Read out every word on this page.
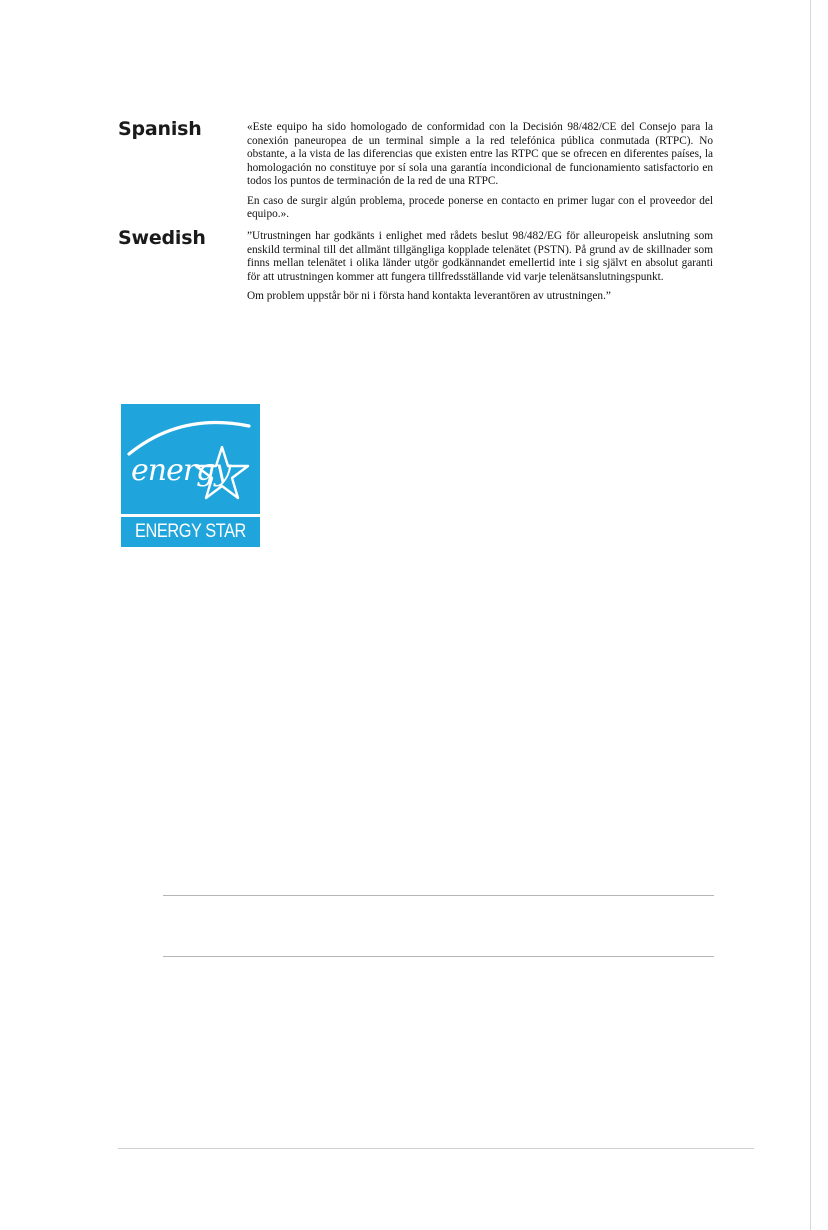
Spanish	«Este equipo ha sido homologado de conformidad con la Decisión 98/482/CE del Consejo para la conexión paneuropea de un terminal simple a la red telefónica pública conmutada (RTPC). No obstante, a la vista de las diferencias que existen entre las RTPC que se ofrecen en diferentes países, la homologación no constituye por sí sola una garantía incondicional de funcionamiento satisfactorio en todos los puntos de terminación de la red de una RTPC.

En caso de surgir algún problema, procede ponerse en contacto en primer lugar con el proveedor del equipo.».

Swedish	”Utrustningen har godkänts i enlighet med rådets beslut 98/482/EG för alleuropeisk anslutning som enskild terminal till det allmänt tillgängliga kopplade telenätet (PSTN). På grund av de skillnader som finns mellan telenätet i olika länder utgör godkännandet emellertid inte i sig självt en absolut garanti för att utrustningen kommer att fungera tillfredsställande vid varje telenätsanslutningspunkt.

Om problem uppstår bör ni i första hand kontakta leverantören av utrustningen.”

energy
ENERGY STAR
